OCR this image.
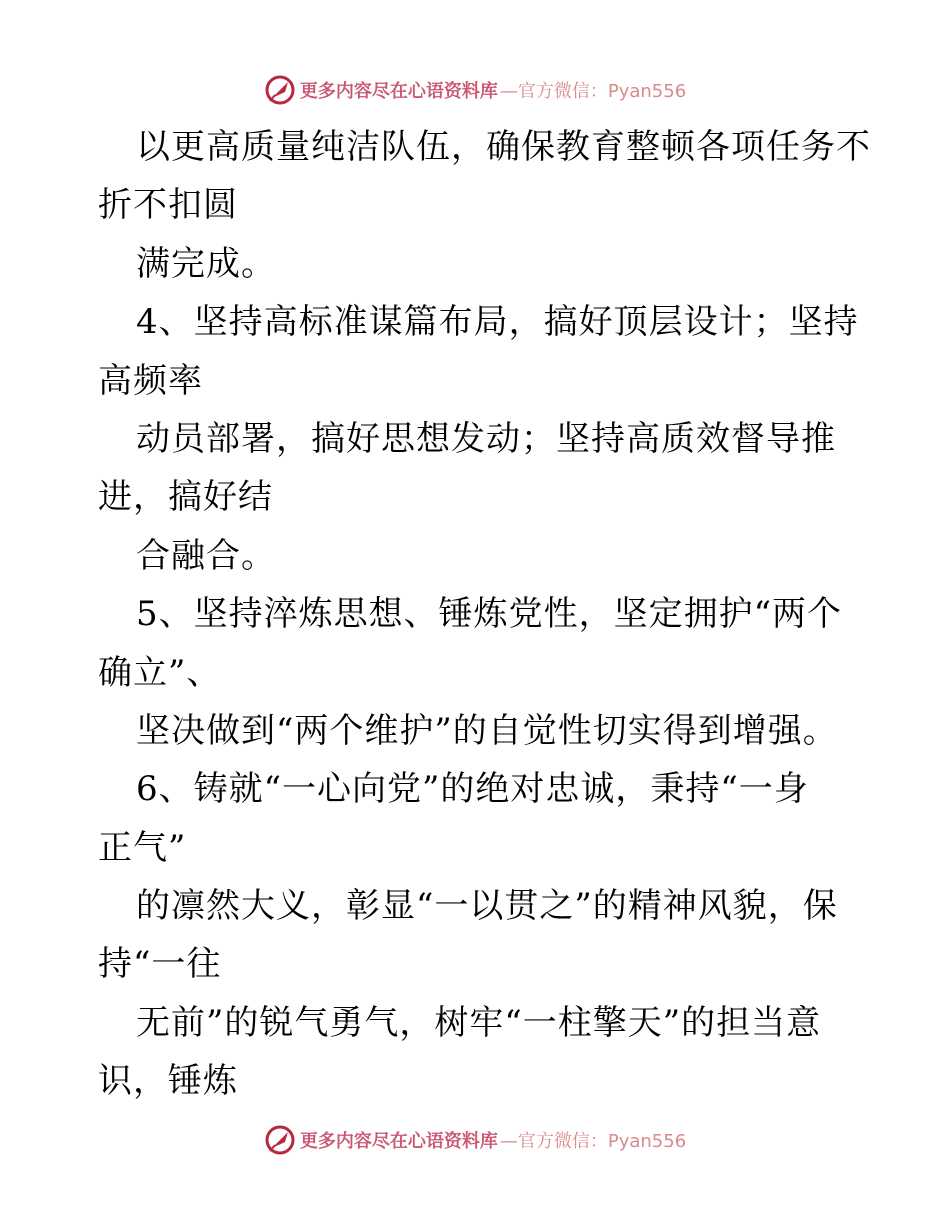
更多内容尽在心语资料库 —官方微信：Pyan556
以更高质量纯洁队伍，确保教育整顿各项任务不
折不扣圆
满完成。
4、坚持高标准谋篇布局，搞好顶层设计；坚持
高频率
动员部署，搞好思想发动；坚持高质效督导推
进，搞好结
合融合。
5、坚持淬炼思想、锤炼党性，坚定拥护“两个
确立”、
坚决做到“两个维护”的自觉性切实得到增强。
6、铸就“一心向党”的绝对忠诚，秉持“一身
正气”
的凛然大义，彰显“一以贯之”的精神风貌，保
持“一往
无前”的锐气勇气，树牢“一柱擎天”的担当意
识，锤炼
更多内容尽在心语资料库 —官方微信：Pyan556
